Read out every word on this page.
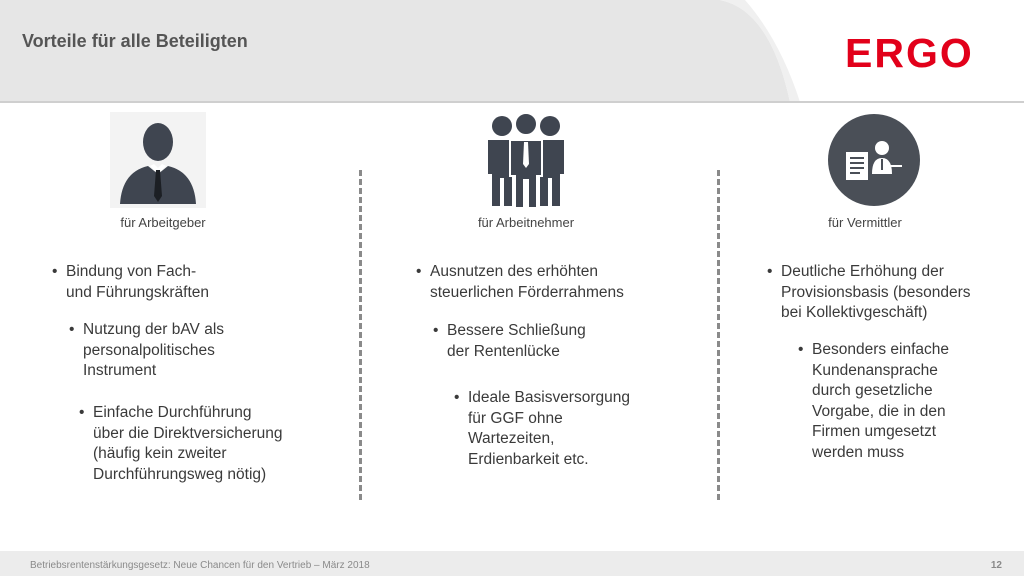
Vorteile für alle Beteiligten	ERGO
für Arbeitgeber	für Arbeitnehmer	für Vermittler
• Bindung von Fach-
und Führungskräften
• Nutzung der bAV als
personalpolitisches
Instrument
• Einfache Durchführung
über die Direktversicherung
(häufig kein zweiter
Durchführungsweg nötig)
• Ausnutzen des erhöhten
steuerlichen Förderrahmens
• Bessere Schließung
der Rentenlücke
• Ideale Basisversorgung
für GGF ohne
Wartezeiten,
Erdienbarkeit etc.
• Deutliche Erhöhung der
Provisionsbasis (besonders
bei Kollektivgeschäft)
• Besonders einfache
Kundenansprache
durch gesetzliche
Vorgabe, die in den
Firmen umgesetzt
werden muss
Betriebsrentenstärkungsgesetz: Neue Chancen für den Vertrieb – März 2018	12
